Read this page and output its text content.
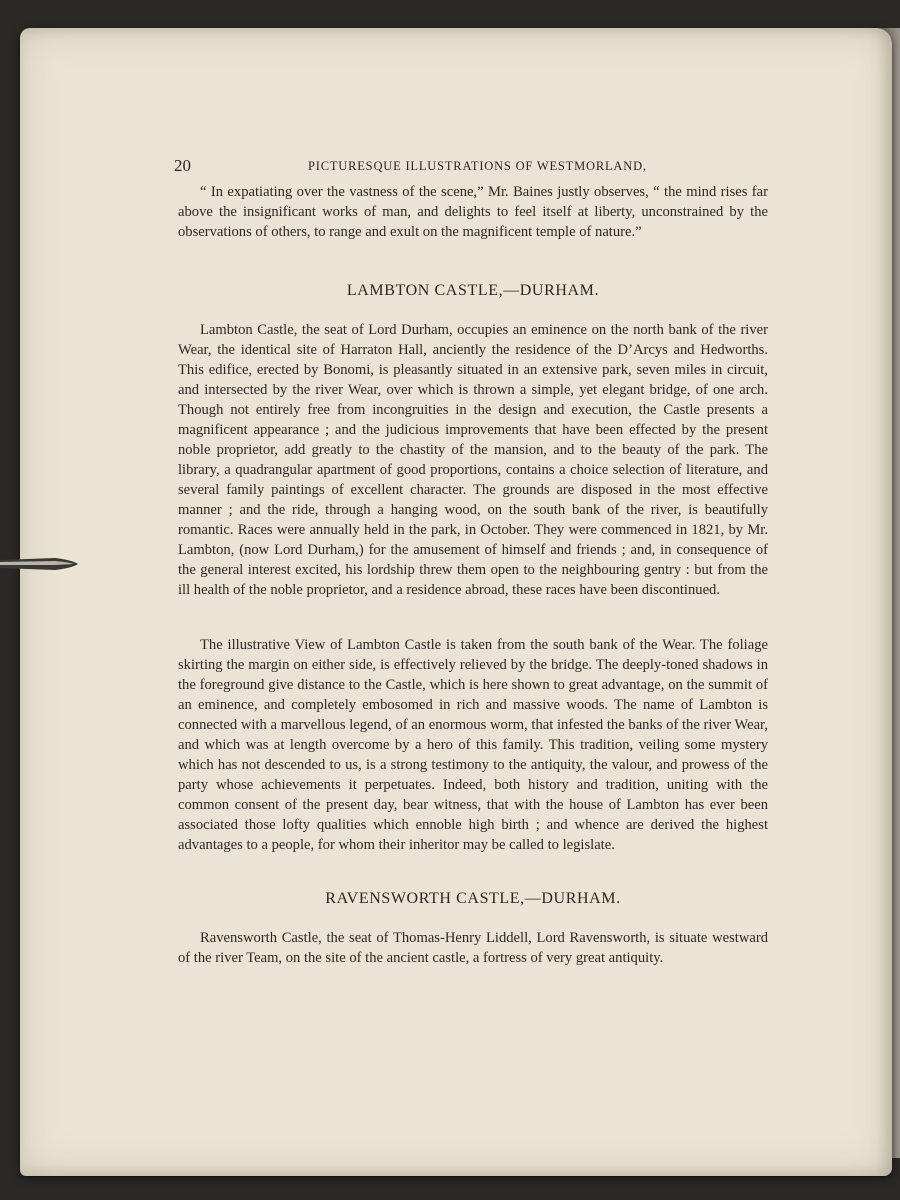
20	PICTURESQUE ILLUSTRATIONS OF WESTMORLAND,
“ In expatiating over the vastness of the scene,” Mr. Baines justly observes, “ the mind rises far above the insignificant works of man, and delights to feel itself at liberty, unconstrained by the observations of others, to range and exult on the magnificent temple of nature.”
LAMBTON CASTLE,—DURHAM.
Lambton Castle, the seat of Lord Durham, occupies an eminence on the north bank of the river Wear, the identical site of Harraton Hall, anciently the residence of the D’Arcys and Hedworths. This edifice, erected by Bonomi, is pleasantly situated in an extensive park, seven miles in circuit, and intersected by the river Wear, over which is thrown a simple, yet elegant bridge, of one arch. Though not entirely free from incongruities in the design and execution, the Castle presents a magnificent appearance ; and the judicious improvements that have been effected by the present noble proprietor, add greatly to the chastity of the mansion, and to the beauty of the park. The library, a quadrangular apartment of good proportions, contains a choice selection of literature, and several family paintings of excellent character. The grounds are disposed in the most effective manner ; and the ride, through a hanging wood, on the south bank of the river, is beautifully romantic. Races were annually held in the park, in October. They were commenced in 1821, by Mr. Lambton, (now Lord Durham,) for the amusement of himself and friends ; and, in consequence of the general interest excited, his lordship threw them open to the neighbouring gentry : but from the ill health of the noble proprietor, and a residence abroad, these races have been discontinued.
The illustrative View of Lambton Castle is taken from the south bank of the Wear. The foliage skirting the margin on either side, is effectively relieved by the bridge. The deeply-toned shadows in the foreground give distance to the Castle, which is here shown to great advantage, on the summit of an eminence, and completely embosomed in rich and massive woods. The name of Lambton is connected with a marvellous legend, of an enormous worm, that infested the banks of the river Wear, and which was at length overcome by a hero of this family. This tradition, veiling some mystery which has not descended to us, is a strong testimony to the antiquity, the valour, and prowess of the party whose achievements it perpetuates. Indeed, both history and tradition, uniting with the common consent of the present day, bear witness, that with the house of Lambton has ever been associated those lofty qualities which ennoble high birth ; and whence are derived the highest advantages to a people, for whom their inheritor may be called to legislate.
RAVENSWORTH CASTLE,—DURHAM.
Ravensworth Castle, the seat of Thomas-Henry Liddell, Lord Ravensworth, is situate westward of the river Team, on the site of the ancient castle, a fortress of very great antiquity.
